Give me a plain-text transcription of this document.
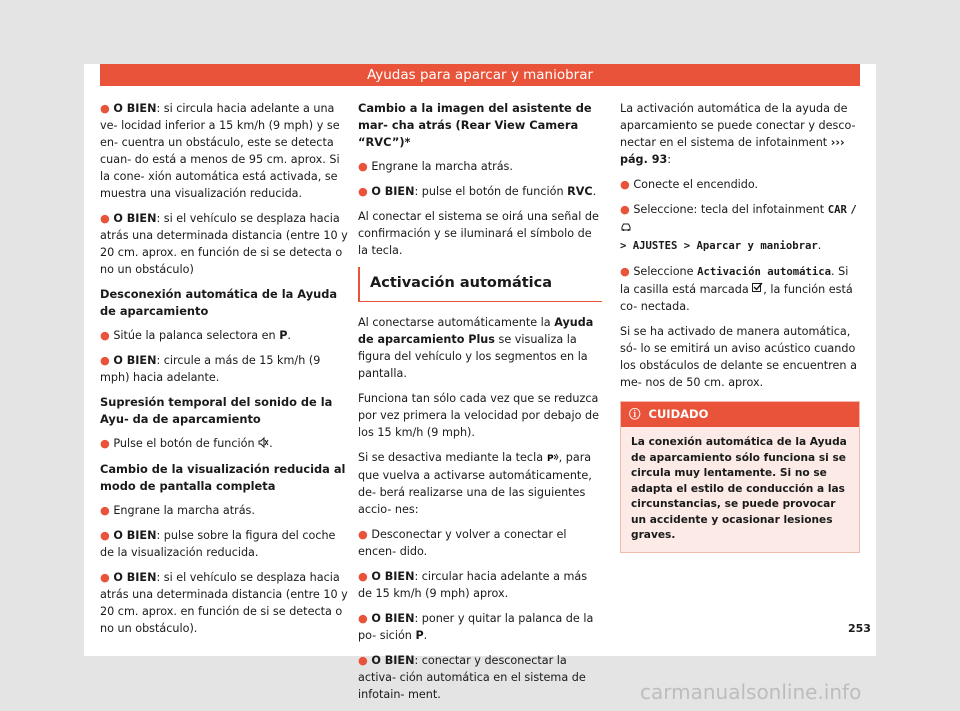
Ayudas para aparcar y maniobrar

● O BIEN: si circula hacia adelante a una ve- locidad inferior a 15 km/h (9 mph) y se en- cuentra un obstáculo, este se detecta cuan- do está a menos de 95 cm. aprox. Si la cone- xión automática está activada, se muestra una visualización reducida.

● O BIEN: si el vehículo se desplaza hacia atrás una determinada distancia (entre 10 y 20 cm. aprox. en función de si se detecta o no un obstáculo)

Desconexión automática de la Ayuda de aparcamiento

● Sitúe la palanca selectora en P.

● O BIEN: circule a más de 15 km/h (9 mph) hacia adelante.

Supresión temporal del sonido de la Ayu- da de aparcamiento

● Pulse el botón de función .

Cambio de la visualización reducida al modo de pantalla completa

● Engrane la marcha atrás.

● O BIEN: pulse sobre la figura del coche de la visualización reducida.

● O BIEN: si el vehículo se desplaza hacia atrás una determinada distancia (entre 10 y 20 cm. aprox. en función de si se detecta o no un obstáculo).

Cambio a la imagen del asistente de mar- cha atrás (Rear View Camera “RVC”)*

● Engrane la marcha atrás.

● O BIEN: pulse el botón de función RVC.

Al conectar el sistema se oirá una señal de confirmación y se iluminará el símbolo de la tecla.

Activación automática

Al conectarse automáticamente la Ayuda de aparcamiento Plus se visualiza la figura del vehículo y los segmentos en la pantalla.

Funciona tan sólo cada vez que se reduzca por vez primera la velocidad por debajo de los 15 km/h (9 mph).

Si se desactiva mediante la tecla P , para que vuelva a activarse automáticamente, de- berá realizarse una de las siguientes accio- nes:

● Desconectar y volver a conectar el encen- dido.

● O BIEN: circular hacia adelante a más de 15 km/h (9 mph) aprox.

● O BIEN: poner y quitar la palanca de la po- sición P.

● O BIEN: conectar y desconectar la activa- ción automática en el sistema de infotain- ment.

La activación automática de la ayuda de aparcamiento se puede conectar y desco- nectar en el sistema de infotainment ››› pág. 93:

● Conecte el encendido.

● Seleccione: tecla del infotainment CAR /
> AJUSTES > Aparcar y maniobrar.

● Seleccione Activación automática. Si la casilla está marcada , la función está co- nectada.

Si se ha activado de manera automática, só- lo se emitirá un aviso acústico cuando los obstáculos de delante se encuentren a me- nos de 50 cm. aprox.

ⓘ CUIDADO
La conexión automática de la Ayuda de aparcamiento sólo funciona si se circula muy lentamente. Si no se adapta el estilo de conducción a las circunstancias, se puede provocar un accidente y ocasionar lesiones graves.
253
carmanualsonline.info
